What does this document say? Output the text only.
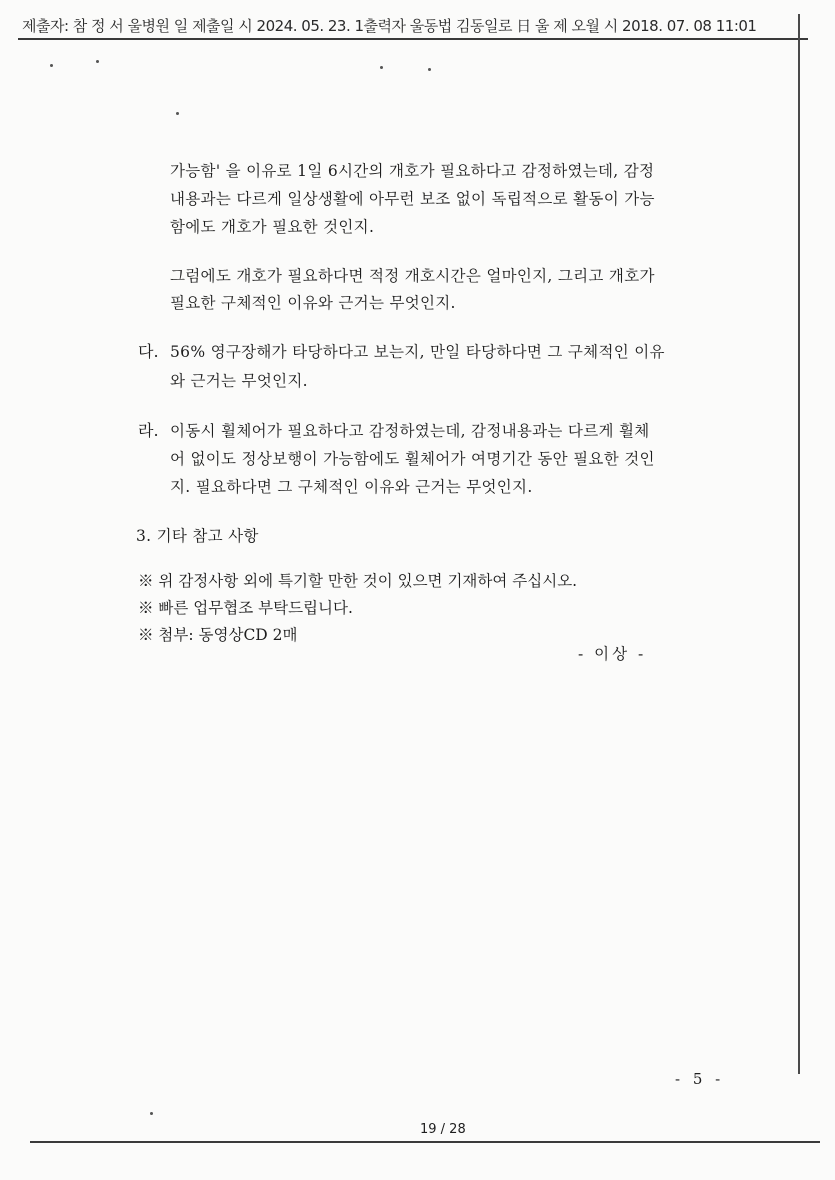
제출자: 참 정 서 울병원 일 제출일 시 2024. 05. 23. 1출력자 울동법 김동일로 日 울 제 오월 시 2018. 07. 08 11:01
가능함' 을 이유로 1일 6시간의 개호가 필요하다고 감정하였는데, 감정
내용과는 다르게 일상생활에 아무런 보조 없이 독립적으로 활동이 가능
함에도 개호가 필요한 것인지.
그럼에도 개호가 필요하다면 적정 개호시간은 얼마인지, 그리고 개호가
필요한 구체적인 이유와 근거는 무엇인지.
다. 56% 영구장해가 타당하다고 보는지, 만일 타당하다면 그 구체적인 이유
와 근거는 무엇인지.
라. 이동시 휠체어가 필요하다고 감정하였는데, 감정내용과는 다르게 휠체
어 없이도 정상보행이 가능함에도 휠체어가 여명기간 동안 필요한 것인
지. 필요하다면 그 구체적인 이유와 근거는 무엇인지.
3. 기타 참고 사항
※ 위 감정사항 외에 특기할 만한 것이 있으면 기재하여 주십시오.
※ 빠른 업무협조 부탁드립니다.
※ 첨부: 동영상CD 2매
- 이상 -
- 5 -
19 / 28
